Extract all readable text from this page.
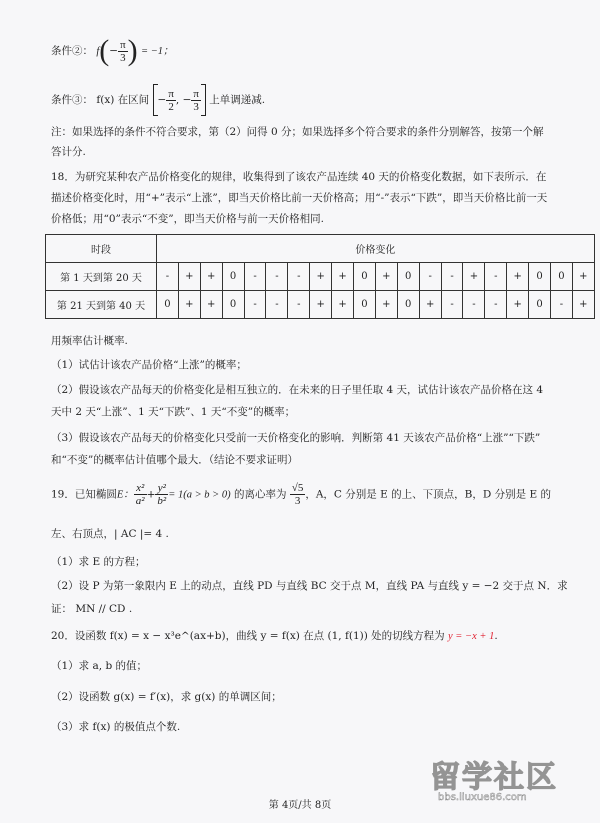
条件②： $f(- \frac{\pi}{3}$ ) = −1；
条件③： f(x) 在区间 − $\frac{\pi}{2}$ , − $\frac{\pi}{3}$ 上单调递减.
注：如果选择的条件不符合要求，第（2）问得 0 分；如果选择多个符合要求的条件分别解答，按第一个解
答计分.
18．为研究某种农产品价格变化的规律，收集得到了该农产品连续 40 天的价格变化数据，如下表所示．在
描述价格变化时，用“+”表示“上涨”，即当天价格比前一天价格高；用“-”表示“下跌”，即当天价格比前一天
价格低；用“0”表示“不变”，即当天价格与前一天价格相同.
时段	价格变化																			
第 1 天到第 20 天	-	+	+	0	-	-	-	+	+	0	+	0	-	-	+	-	+	0	0	+
第 21 天到第 40 天	0	+	+	0	-	-	-	+	+	0	+	0	+	-	-	-	+	0	-	+
用频率估计概率.
（1）试估计该农产品价格“上涨”的概率；
（2）假设该农产品每天的价格变化是相互独立的．在未来的日子里任取 4 天，试估计该农产品价格在这 4
天中 2 天“上涨”、1 天“下跌”、1 天“不变”的概率；
（3）假设该农产品每天的价格变化只受前一天价格变化的影响．判断第 41 天该农产品价格“上涨”“下跌”
和“不变”的概率估计值哪个最大．（结论不要求证明）
19．已知椭圆E： $\frac{\text{x²}}{\text{a²}} + \frac{\text{y²}}{\text{b²}} = 1(a > b > 0)$ 的离心率为 $\frac{√5}{3}$ ，A，C 分别是 E 的上、下顶点，B，D 分别是 E 的
左、右顶点，| AC |= 4 .
（1）求 E 的方程；
（2）设 P 为第一象限内 E 上的动点，直线 PD 与直线 BC 交于点 M，直线 PA 与直线 y = −2 交于点 N．求
证： MN // CD .
20．设函数 f(x) = x − x³e^(ax+b)，曲线 y = f(x) 在点 (1, f(1)) 处的切线方程为 y = −x + 1.
（1）求 a, b 的值；
（2）设函数 g(x) = f′(x)，求 g(x) 的单调区间；
（3）求 f(x) 的极值点个数.
留学社区
bbs.liuxue86.com
第 4页/共 8页
